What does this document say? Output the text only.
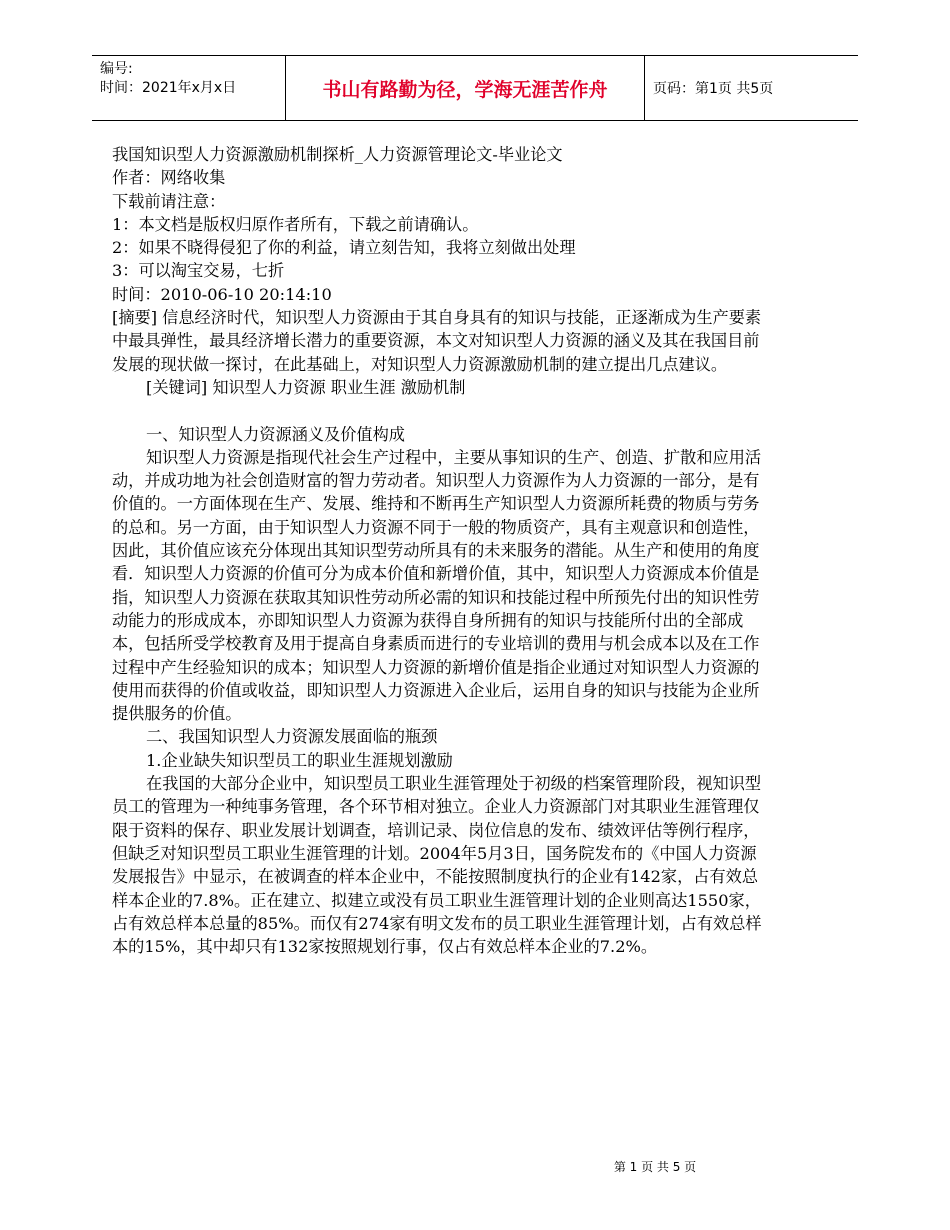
编号:
时间：2021年x月x日	书山有路勤为径，学海无涯苦作舟	页码：第1页 共5页

我国知识型人力资源激励机制探析_人力资源管理论文-毕业论文

作者：网络收集

下载前请注意：

1：本文档是版权归原作者所有，下载之前请确认。

2：如果不晓得侵犯了你的利益，请立刻告知，我将立刻做出处理

3：可以淘宝交易，七折

时间：2010-06-10 20:14:10

[摘要] 信息经济时代，知识型人力资源由于其自身具有的知识与技能，正逐渐成为生产要素中最具弹性，最具经济增长潜力的重要资源，本文对知识型人力资源的涵义及其在我国目前发展的现状做一探讨，在此基础上，对知识型人力资源激励机制的建立提出几点建议。

[关键词] 知识型人力资源 职业生涯 激励机制

一、知识型人力资源涵义及价值构成

知识型人力资源是指现代社会生产过程中，主要从事知识的生产、创造、扩散和应用活动，并成功地为社会创造财富的智力劳动者。知识型人力资源作为人力资源的一部分，是有价值的。一方面体现在生产、发展、维持和不断再生产知识型人力资源所耗费的物质与劳务的总和。另一方面，由于知识型人力资源不同于一般的物质资产，具有主观意识和创造性，因此，其价值应该充分体现出其知识型劳动所具有的未来服务的潜能。从生产和使用的角度看．知识型人力资源的价值可分为成本价值和新增价值，其中，知识型人力资源成本价值是指，知识型人力资源在获取其知识性劳动所必需的知识和技能过程中所预先付出的知识性劳动能力的形成成本，亦即知识型人力资源为获得自身所拥有的知识与技能所付出的全部成本，包括所受学校教育及用于提高自身素质而进行的专业培训的费用与机会成本以及在工作过程中产生经验知识的成本；知识型人力资源的新增价值是指企业通过对知识型人力资源的使用而获得的价值或收益，即知识型人力资源进入企业后，运用自身的知识与技能为企业所提供服务的价值。

二、我国知识型人力资源发展面临的瓶颈

1.企业缺失知识型员工的职业生涯规划激励

在我国的大部分企业中，知识型员工职业生涯管理处于初级的档案管理阶段，视知识型员工的管理为一种纯事务管理，各个环节相对独立。企业人力资源部门对其职业生涯管理仅限于资料的保存、职业发展计划调查，培训记录、岗位信息的发布、绩效评估等例行程序，但缺乏对知识型员工职业生涯管理的计划。2004年5月3日，国务院发布的《中国人力资源发展报告》中显示，在被调查的样本企业中，不能按照制度执行的企业有142家，占有效总样本企业的7.8%。正在建立、拟建立或没有员工职业生涯管理计划的企业则高达1550家，占有效总样本总量的85%。而仅有274家有明文发布的员工职业生涯管理计划，占有效总样本的15%，其中却只有132家按照规划行事，仅占有效总样本企业的7.2%。

第 1 页 共 5 页
